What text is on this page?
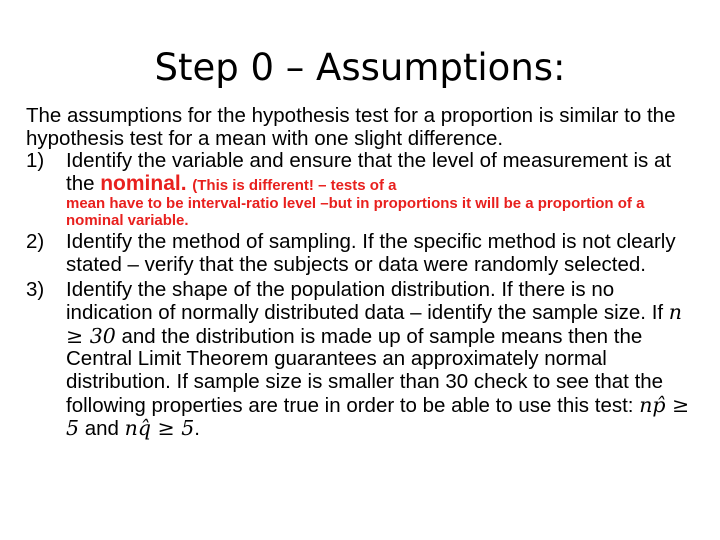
Step 0 – Assumptions:

The assumptions for the hypothesis test for a proportion is similar to the hypothesis test for a mean with one slight difference.

1) Identify the variable and ensure that the level of measurement is at the nominal. (This is different! – tests of a
mean have to be interval-ratio level –but in proportions it will be a proportion of a nominal variable.
2) Identify the method of sampling. If the specific method is not clearly stated – verify that the subjects or data were randomly selected.
3) Identify the shape of the population distribution. If there is no indication of normally distributed data – identify the sample size. If n ≥ 30 and the distribution is made up of sample means then the Central Limit Theorem guarantees an approximately normal distribution. If sample size is smaller than 30 check to see that the following properties are true in order to be able to use this test: np̂ ≥ 5 and nq̂ ≥ 5.
